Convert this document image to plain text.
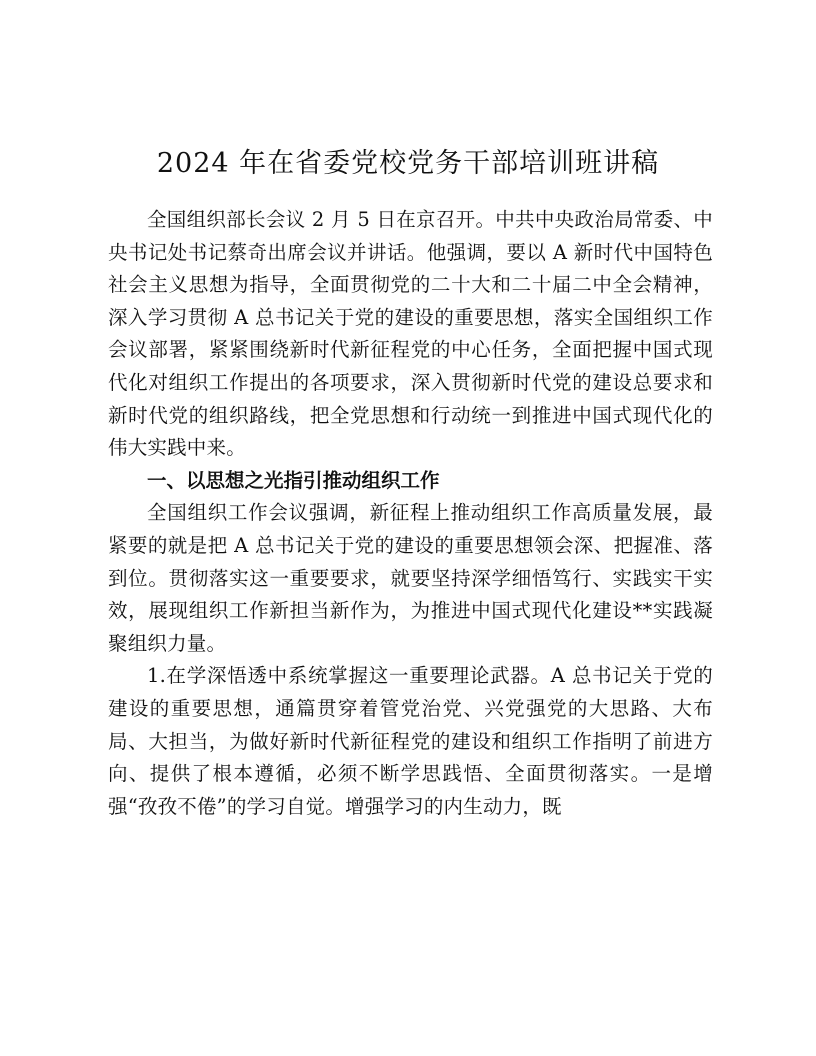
2024 年在省委党校党务干部培训班讲稿

全国组织部长会议 2 月 5 日在京召开。中共中央政治局常委、中央书记处书记蔡奇出席会议并讲话。他强调，要以 A 新时代中国特色社会主义思想为指导，全面贯彻党的二十大和二十届二中全会精神，深入学习贯彻 A 总书记关于党的建设的重要思想，落实全国组织工作会议部署，紧紧围绕新时代新征程党的中心任务，全面把握中国式现代化对组织工作提出的各项要求，深入贯彻新时代党的建设总要求和新时代党的组织路线，把全党思想和行动统一到推进中国式现代化的伟大实践中来。

一、以思想之光指引推动组织工作

全国组织工作会议强调，新征程上推动组织工作高质量发展，最紧要的就是把 A 总书记关于党的建设的重要思想领会深、把握准、落到位。贯彻落实这一重要要求，就要坚持深学细悟笃行、实践实干实效，展现组织工作新担当新作为，为推进中国式现代化建设**实践凝聚组织力量。

1.在学深悟透中系统掌握这一重要理论武器。A 总书记关于党的建设的重要思想，通篇贯穿着管党治党、兴党强党的大思路、大布局、大担当，为做好新时代新征程党的建设和组织工作指明了前进方向、提供了根本遵循，必须不断学思践悟、全面贯彻落实。一是增强“孜孜不倦”的学习自觉。增强学习的内生动力，既
